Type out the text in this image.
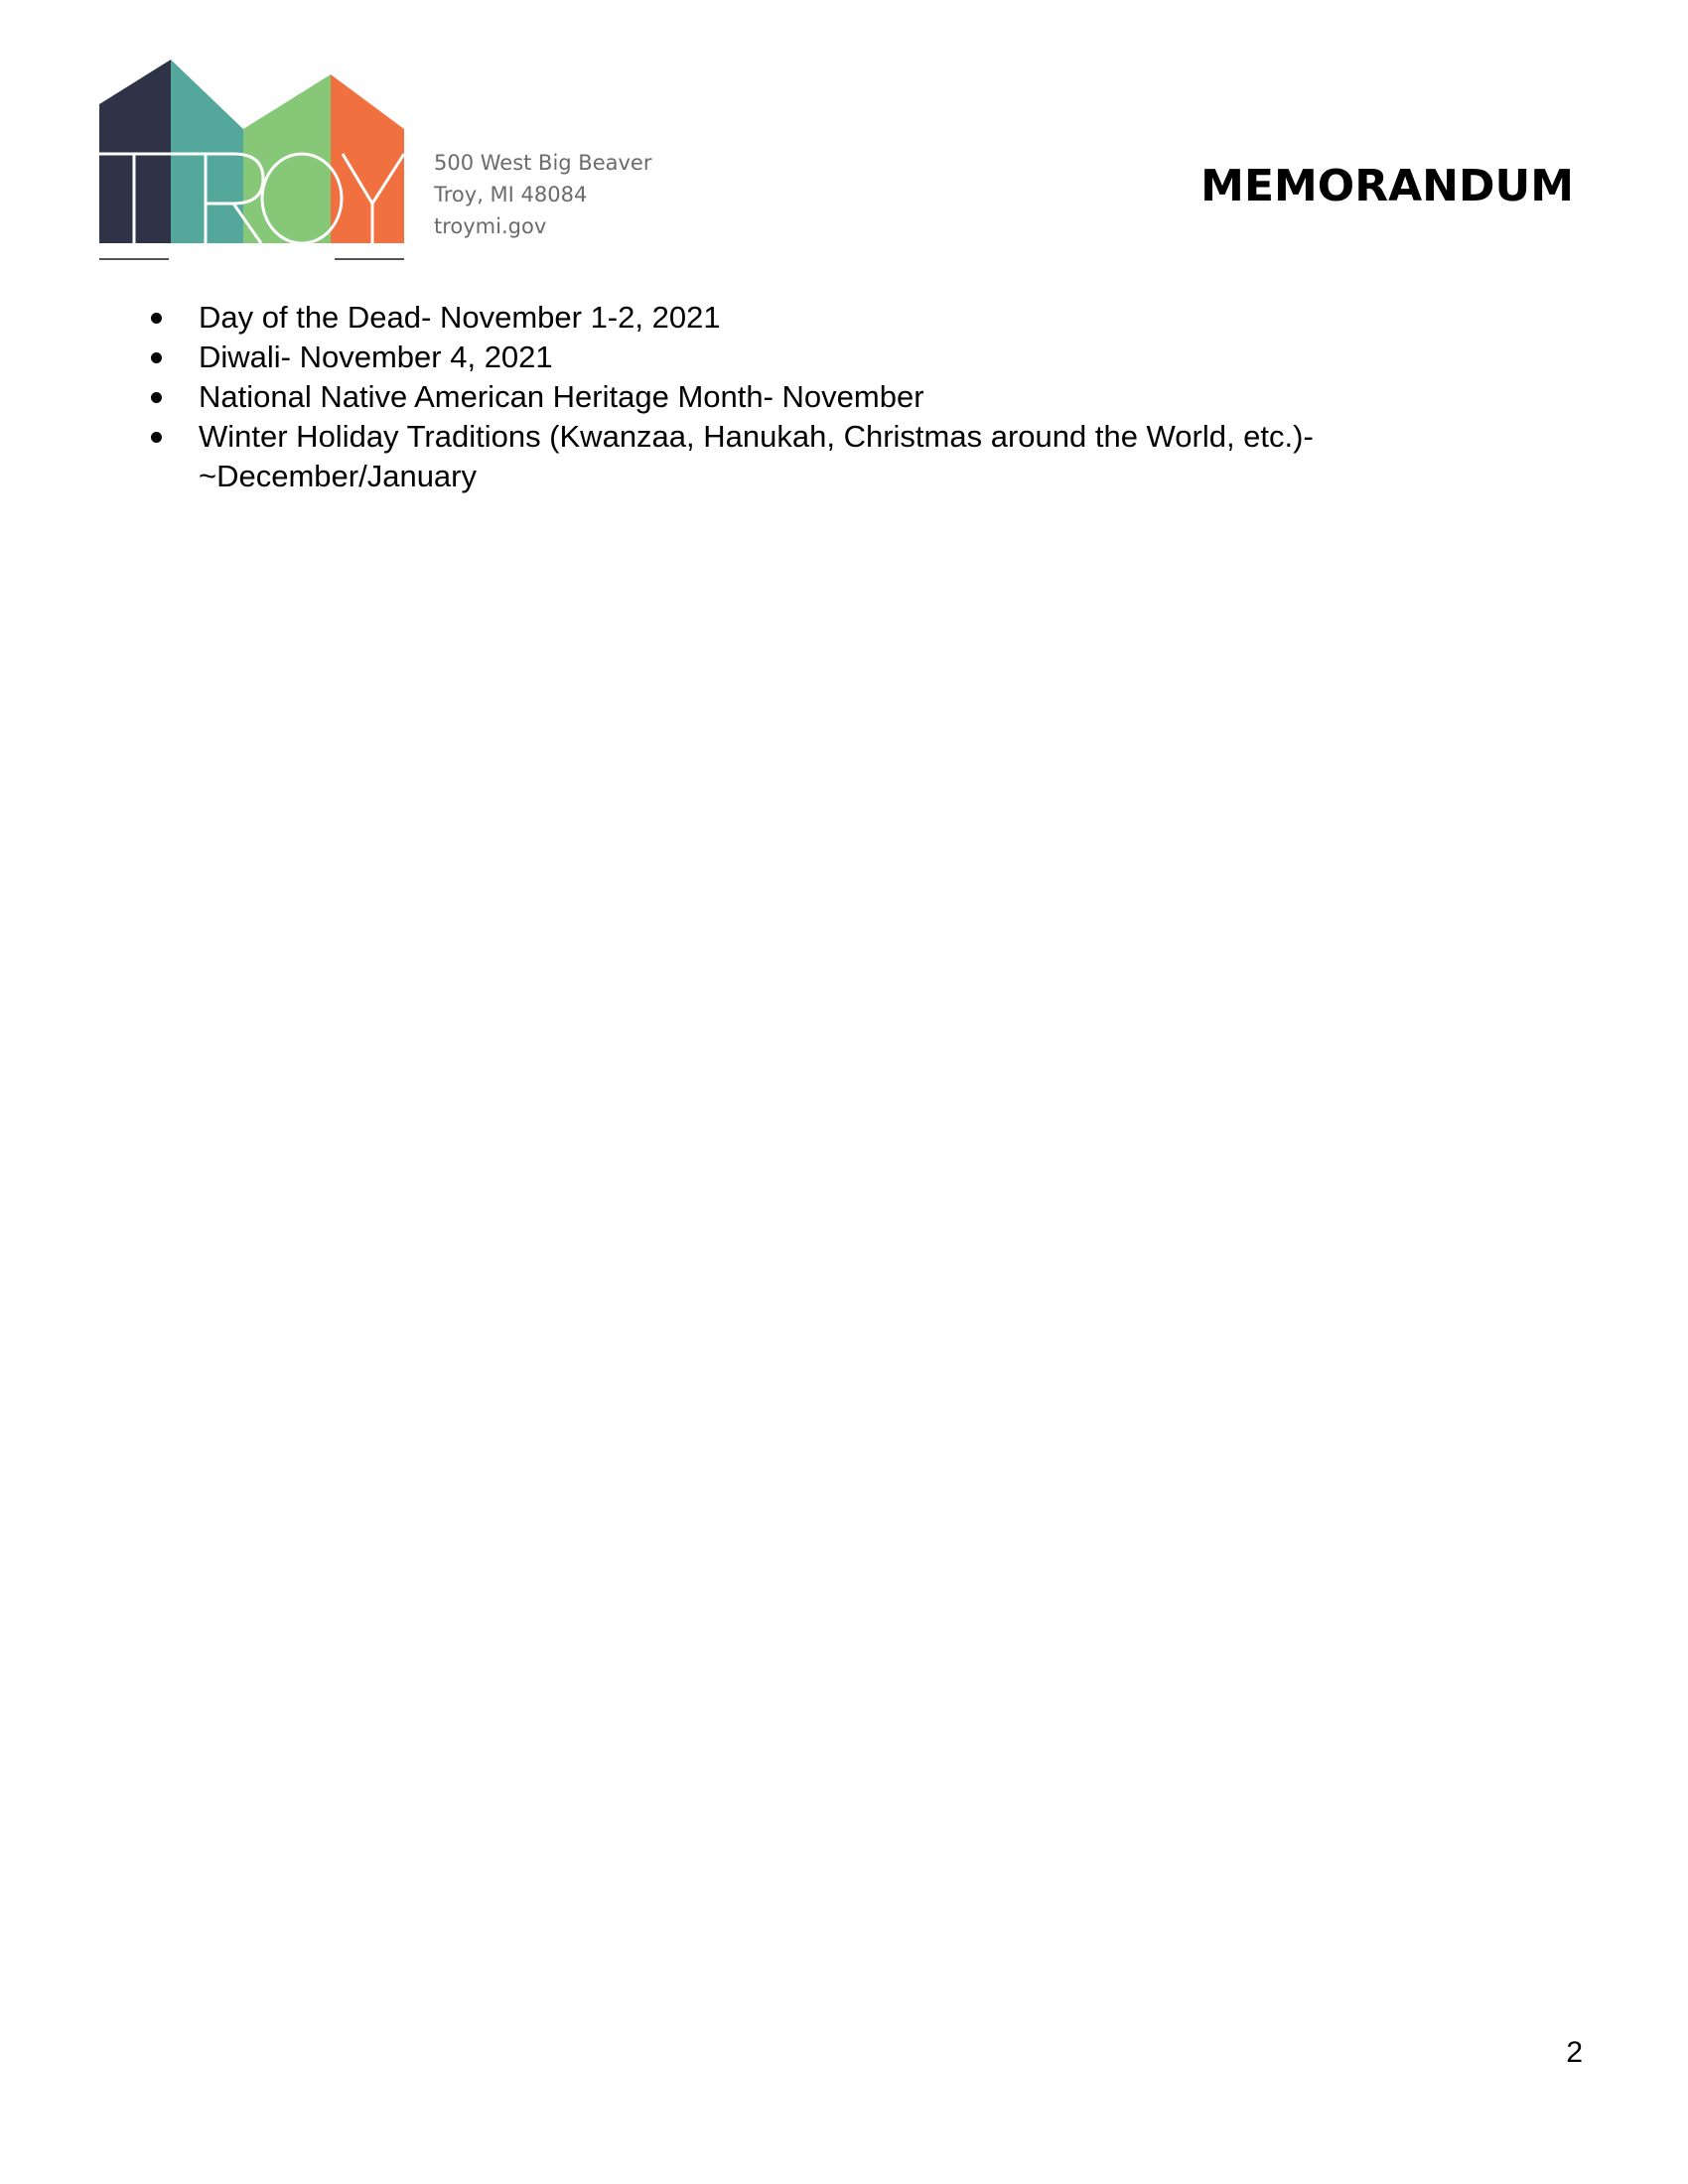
500 West Big Beaver
Troy, MI 48084
troymi.gov
MEMORANDUM
Day of the Dead- November 1-2, 2021
Diwali- November 4, 2021
National Native American Heritage Month- November
Winter Holiday Traditions (Kwanzaa, Hanukah, Christmas around the World, etc.)- ~December/January
2
